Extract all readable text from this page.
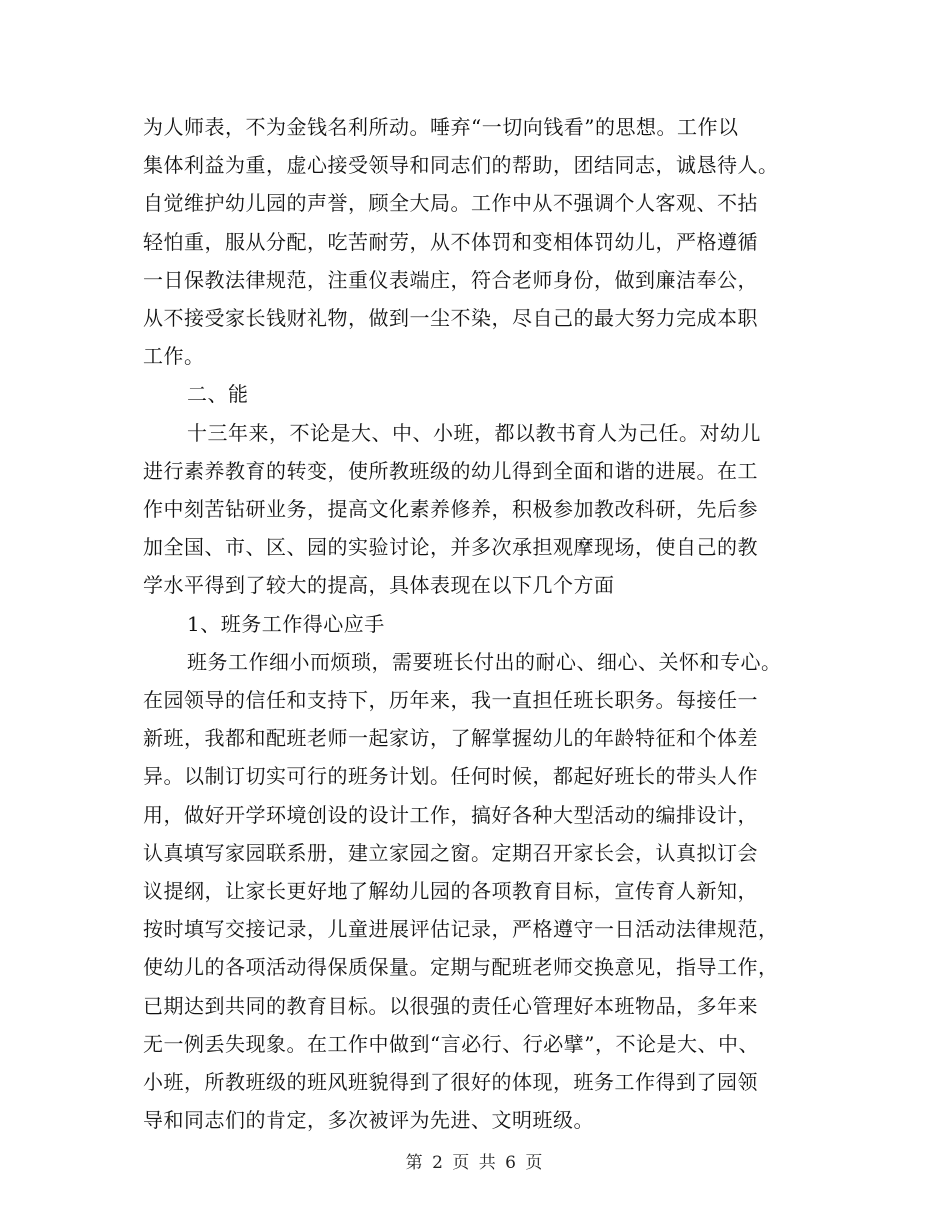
为人师表，不为金钱名利所动。唾弃“一切向钱看”的思想。工作以
集体利益为重，虚心接受领导和同志们的帮助，团结同志，诚恳待人。
自觉维护幼儿园的声誉，顾全大局。工作中从不强调个人客观、不拈
轻怕重，服从分配，吃苦耐劳，从不体罚和变相体罚幼儿，严格遵循
一日保教法律规范，注重仪表端庄，符合老师身份，做到廉洁奉公，
从不接受家长钱财礼物，做到一尘不染，尽自己的最大努力完成本职
工作。
二、能
十三年来，不论是大、中、小班，都以教书育人为己任。对幼儿
进行素养教育的转变，使所教班级的幼儿得到全面和谐的进展。在工
作中刻苦钻研业务，提高文化素养修养，积极参加教改科研，先后参
加全国、市、区、园的实验讨论，并多次承担观摩现场，使自己的教
学水平得到了较大的提高，具体表现在以下几个方面
1、班务工作得心应手
班务工作细小而烦琐，需要班长付出的耐心、细心、关怀和专心。
在园领导的信任和支持下，历年来，我一直担任班长职务。每接任一
新班，我都和配班老师一起家访，了解掌握幼儿的年龄特征和个体差
异。以制订切实可行的班务计划。任何时候，都起好班长的带头人作
用，做好开学环境创设的设计工作，搞好各种大型活动的编排设计，
认真填写家园联系册，建立家园之窗。定期召开家长会，认真拟订会
议提纲，让家长更好地了解幼儿园的各项教育目标，宣传育人新知，
按时填写交接记录，儿童进展评估记录，严格遵守一日活动法律规范，
使幼儿的各项活动得保质保量。定期与配班老师交换意见，指导工作，
已期达到共同的教育目标。以很强的责任心管理好本班物品，多年来
无一例丢失现象。在工作中做到“言必行、行必擘”，不论是大、中、
小班，所教班级的班风班貌得到了很好的体现，班务工作得到了园领
导和同志们的肯定，多次被评为先进、文明班级。
第 2 页 共 6 页
